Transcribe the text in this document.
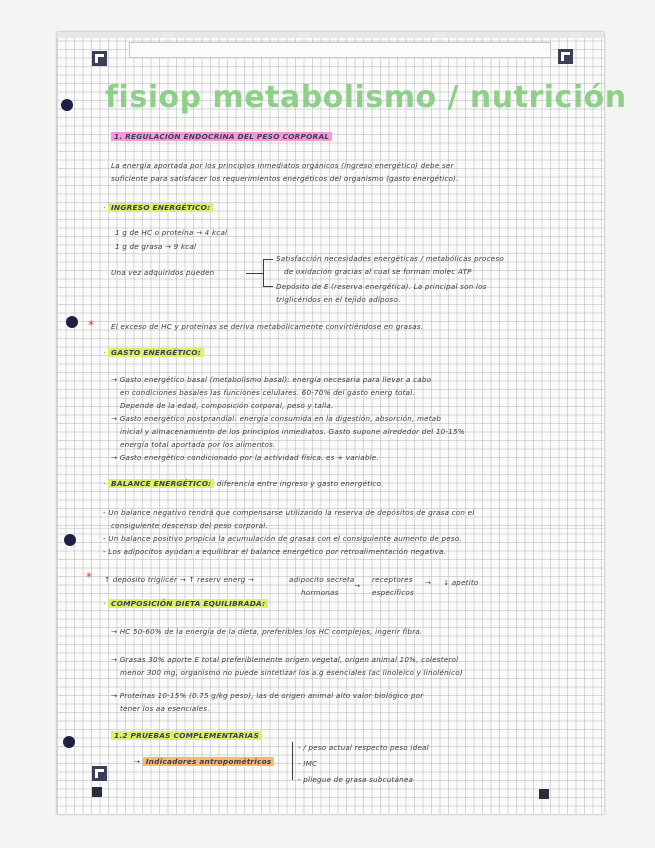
fisiop metabolismo / nutrición
1. REGULACIÓN ENDOCRINA DEL PESO CORPORAL
La energía aportada por los principios inmediatos orgánicos (ingreso energético) debe ser
suficiente para satisfacer los requerimientos energéticos del organismo (gasto energético).
· INGRESO ENERGÉTICO:
1 g de HC o proteína → 4 kcal
1 g de grasa → 9 kcal
Una vez adquiridos pueden
Satisfacción necesidades energéticas / metabólicas proceso
de oxidación gracias al cual se forman molec ATP
Depósito de E (reserva energética). La principal son los
triglicéridos en el tejido adiposo.
* El exceso de HC y proteínas se deriva metabólicamente convirtiéndose en grasas.
· GASTO ENERGÉTICO:
→ Gasto energético basal (metabolismo basal): energía necesaria para llevar a cabo
en condiciones basales las funciones celulares. 60-70% del gasto energ total.
Depende de la edad, composición corporal, peso y talla.
→ Gasto energético postprandial: energía consumida en la digestión, absorción, metab
inicial y almacenamiento de los principios inmediatos. Gasto supone alrededor del 10-15%
energía total aportada por los alimentos.
→ Gasto energético condicionado por la actividad física. es + variable.
· BALANCE ENERGÉTICO: diferencia entre ingreso y gasto energético.
- Un balance negativo tendrá que compensarse utilizando la reserva de depósitos de grasa con el
consiguiente descenso del peso corporal.
- Un balance positivo propicia la acumulación de grasas con el consiguiente aumento de peso.
- Los adipocitos ayudan a equilibrar el balance energético por retroalimentación negativa.
* ↑ depósito triglicér → ↑ reserv energ →	adipocito secreta
hormonas
→
receptores
específicos
→ ↓ apetito
· COMPOSICIÓN DIETA EQUILIBRADA:
→ HC 50-60% de la energía de la dieta, preferibles los HC complejos, ingerir fibra.
→ Grasas 30% aporte E total preferiblemente origen vegetal, origen animal 10%, colesterol
menor 300 mg, organismo no puede sintetizar los a.g esenciales (ac linoleico y linolénico)
→ Proteínas 10-15% (0.75 g/kg peso), las de origen animal alto valor biológico por
tener los aa esenciales.
1.2 PRUEBAS COMPLEMENTARIAS
→ Indicadores antropométricos
- / peso actual respecto peso ideal
- IMC
- pliegue de grasa subcutánea
